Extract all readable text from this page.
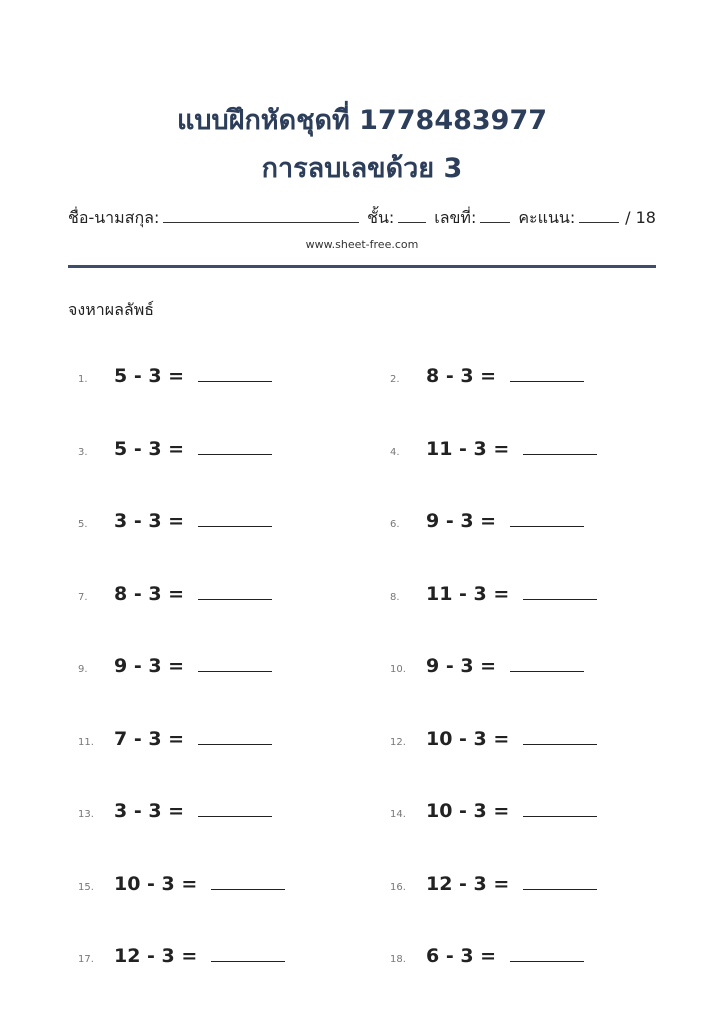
แบบฝึกหัดชุดที่ 1778483977
การลบเลขด้วย 3
ชื่อ-นามสกุล:	ชั้น: เลขที่:	คะแนน:	/ 18
www.sheet-free.com
จงหาผลลัพธ์
1.	5 - 3 =	2.	8 - 3 =
3.	5 - 3 =	4.	11 - 3 =
5.	3 - 3 =	6.	9 - 3 =
7.	8 - 3 =	8.	11 - 3 =
9.	9 - 3 =	10.	9 - 3 =
11.	7 - 3 =	12.	10 - 3 =
13.	3 - 3 =	14.	10 - 3 =
15.	10 - 3 =	16.	12 - 3 =
17.	12 - 3 =	18.	6 - 3 =
